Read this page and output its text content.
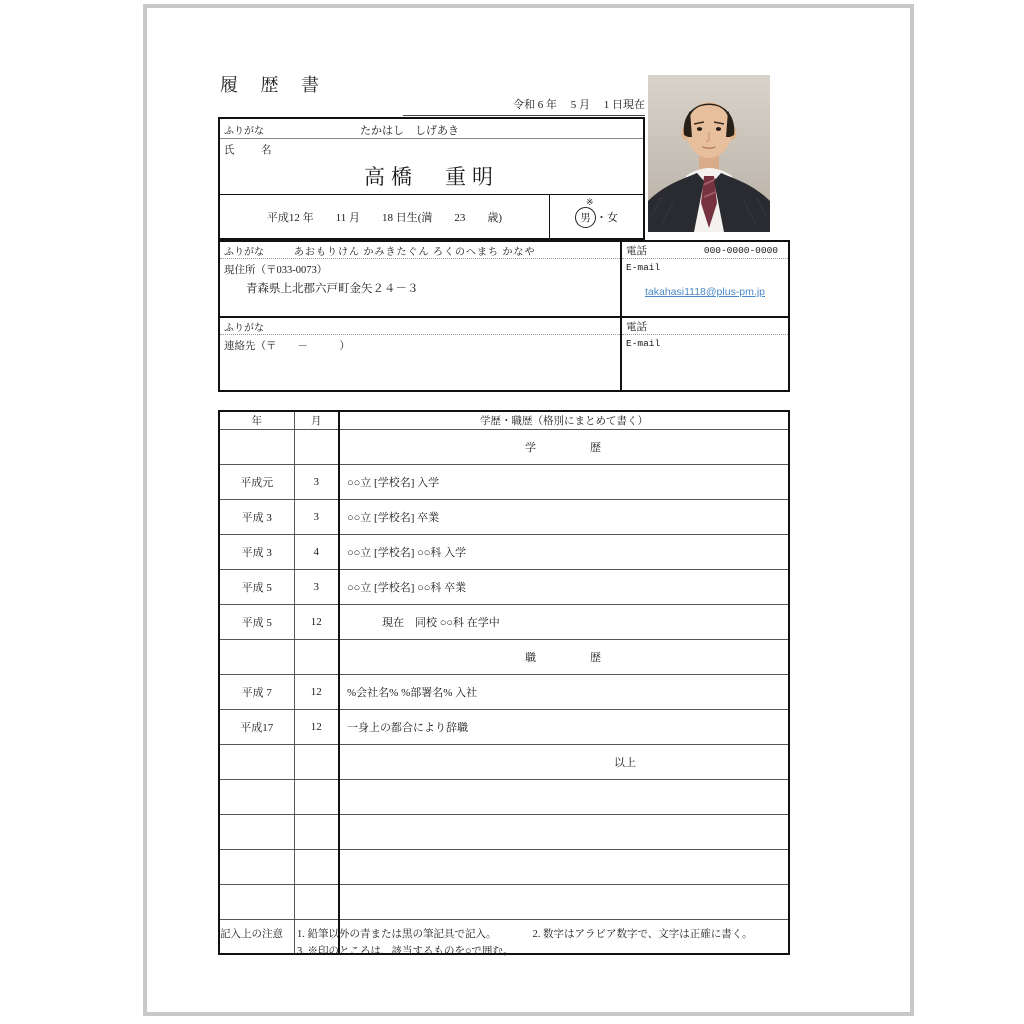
履 歴 書
令和 6 年　 5 月　 1 日現在
ふりがな	たかはし　しげあき
氏　名
高橋　重明
平成12 年　　11 月　　18 日生(満　　23　　歳)
※
男 ・女
ふりがな	あおもりけん かみきたぐん ろくのへまち かなや
現住所（〒033-0073）
青森県上北郡六戸町金矢２４－３
電話	000-0000-0000
E-mail
takahasi1118@plus-pm.jp
ふりがな
連絡先（〒　　－　　　）
電話
E-mail
年	月	学歴・職歴（格別にまとめて書く）
		学　　　　歴
平成元	3	○○立 [学校名] 入学
平成 3	3	○○立 [学校名] 卒業
平成 3	4	○○立 [学校名] ○○科 入学
平成 5	3	○○立 [学校名] ○○科 卒業
平成 5	12	現在　同校 ○○科 在学中
		職　　　　歴
平成 7	12	%会社名% %部署名% 入社
平成17	12	一身上の都合により辞職
		以上

記入上の注意 1. 鉛筆以外の青または黒の筆記具で記入。	2. 数字はアラビア数字で、文字は正確に書く。
3. ※印のところは、該当するものを○で囲む。
